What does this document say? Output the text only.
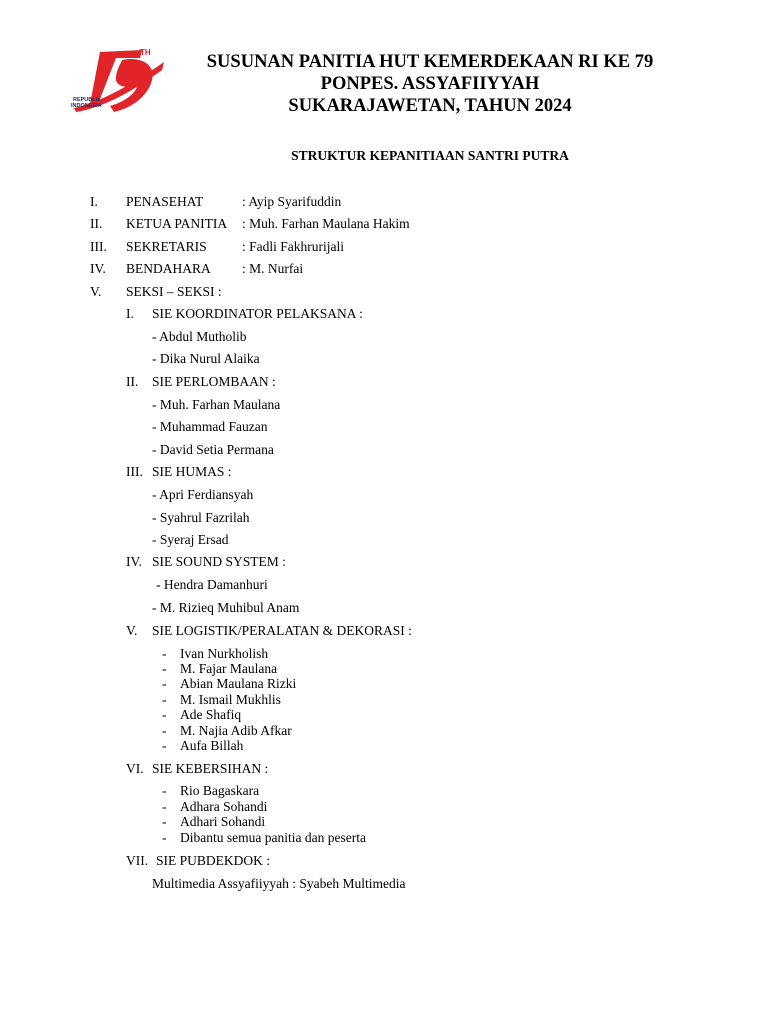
TH
REPUBLIK
INDONESIA
SUSUNAN PANITIA HUT KEMERDEKAAN RI KE 79
PONPES. ASSYAFIIYYAH
SUKARAJAWETAN, TAHUN 2024
STRUKTUR KEPANITIAAN SANTRI PUTRA
I. PENASEHAT	: Ayip Syarifuddin
II. KETUA PANITIA : Muh. Farhan Maulana Hakim
III. SEKRETARIS	: Fadli Fakhrurijali
IV. BENDAHARA : M. Nurfai
V. SEKSI – SEKSI :
I. SIE KOORDINATOR PELAKSANA :
- Abdul Mutholib
- Dika Nurul Alaika
II. SIE PERLOMBAAN :
- Muh. Farhan Maulana
- Muhammad Fauzan
- David Setia Permana
III. SIE HUMAS :
- Apri Ferdiansyah
- Syahrul Fazrilah
- Syeraj Ersad
IV. SIE SOUND SYSTEM :
- Hendra Damanhuri
- M. Rizieq Muhibul Anam
V. SIE LOGISTIK/PERALATAN & DEKORASI :
- Ivan Nurkholish
- M. Fajar Maulana
- Abian Maulana Rizki
- M. Ismail Mukhlis
- Ade Shafiq
- M. Najia Adib Afkar
- Aufa Billah
VI. SIE KEBERSIHAN :
- Rio Bagaskara
- Adhara Sohandi
- Adhari Sohandi
- Dibantu semua panitia dan peserta
VII. SIE PUBDEKDOK :
Multimedia Assyafiiyyah : Syabeh Multimedia
